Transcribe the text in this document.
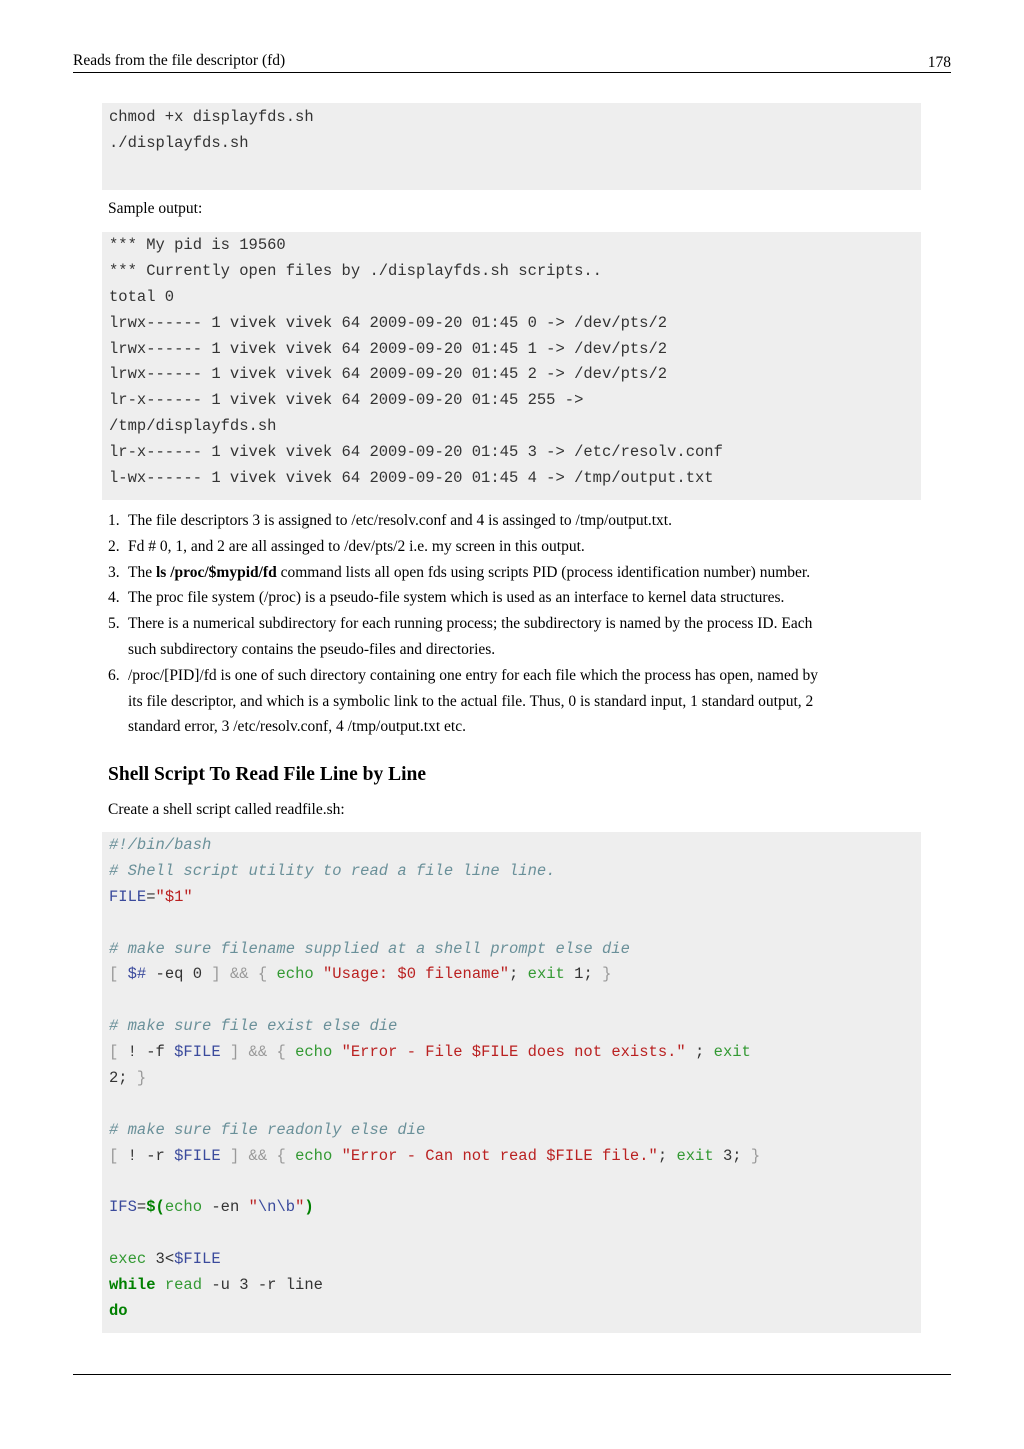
Reads from the file descriptor (fd)	178
chmod +x displayfds.sh
./displayfds.sh
Sample output:
*** My pid is 19560
*** Currently open files by ./displayfds.sh scripts..
total 0
lrwx------ 1 vivek vivek 64 2009-09-20 01:45 0 -> /dev/pts/2
lrwx------ 1 vivek vivek 64 2009-09-20 01:45 1 -> /dev/pts/2
lrwx------ 1 vivek vivek 64 2009-09-20 01:45 2 -> /dev/pts/2
lr-x------ 1 vivek vivek 64 2009-09-20 01:45 255 ->
/tmp/displayfds.sh
lr-x------ 1 vivek vivek 64 2009-09-20 01:45 3 -> /etc/resolv.conf
l-wx------ 1 vivek vivek 64 2009-09-20 01:45 4 -> /tmp/output.txt
1. The file descriptors 3 is assigned to /etc/resolv.conf and 4 is assinged to /tmp/output.txt.
2. Fd # 0, 1, and 2 are all assinged to /dev/pts/2 i.e. my screen in this output.
3. The ls /proc/$mypid/fd command lists all open fds using scripts PID (process identification number) number.
4. The proc file system (/proc) is a pseudo-file system which is used as an interface to kernel data structures.
5. There is a numerical subdirectory for each running process; the subdirectory is named by the process ID. Each
such subdirectory contains the pseudo-files and directories.
6. /proc/[PID]/fd is one of such directory containing one entry for each file which the process has open, named by
its file descriptor, and which is a symbolic link to the actual file. Thus, 0 is standard input, 1 standard output, 2
standard error, 3 /etc/resolv.conf, 4 /tmp/output.txt etc.
Shell Script To Read File Line by Line
Create a shell script called readfile.sh:
#!/bin/bash
# Shell script utility to read a file line line.
FILE="$1"
# make sure filename supplied at a shell prompt else die
[ $# -eq 0 ] && { echo "Usage: $0 filename"; exit 1; }
# make sure file exist else die
[ ! -f $FILE ] && { echo "Error - File $FILE does not exists." ; exit
2; }
# make sure file readonly else die
[ ! -r $FILE ] && { echo "Error - Can not read $FILE file."; exit 3; }
IFS=$(echo -en "\n\b")
exec 3<$FILE
while read -u 3 -r line
do
